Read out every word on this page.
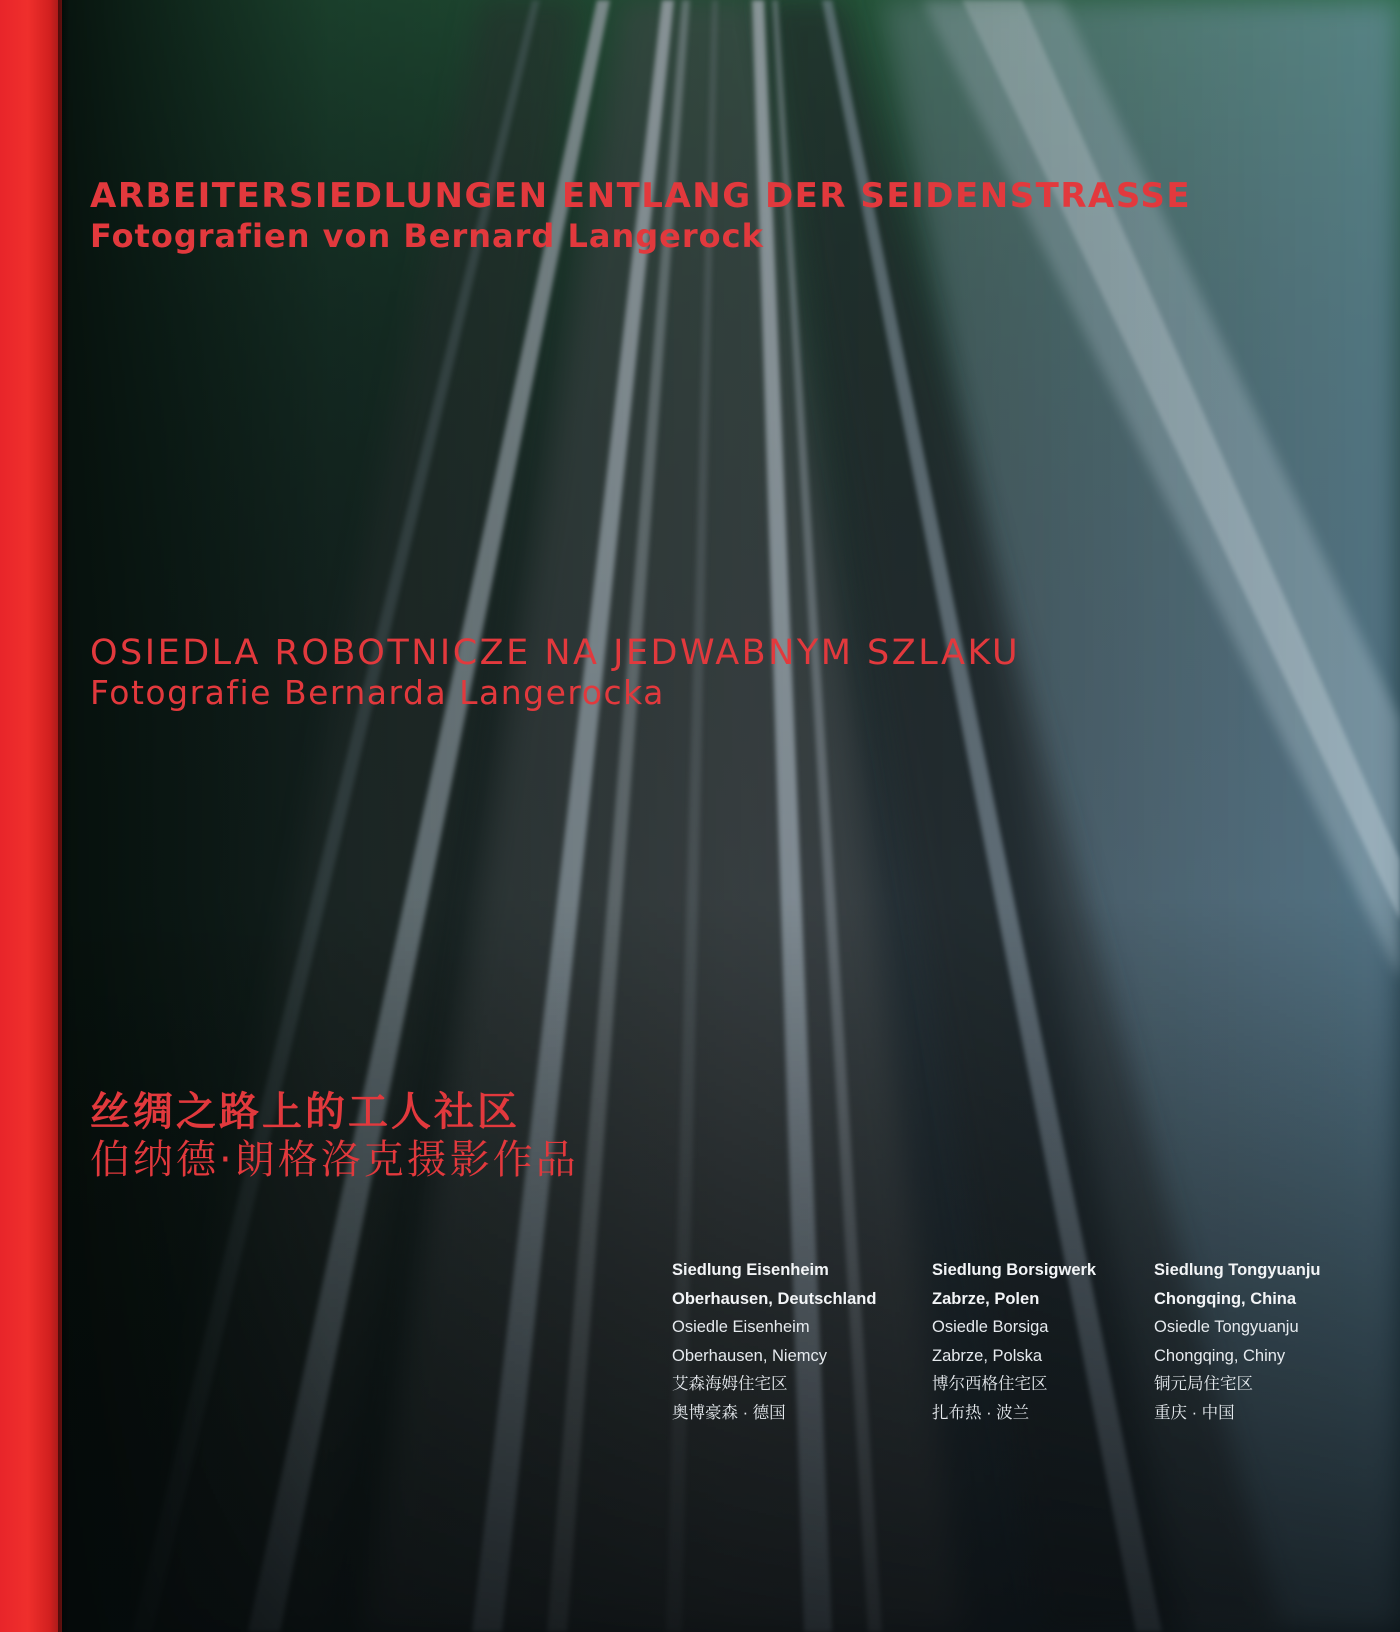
ARBEITERSIEDLUNGEN ENTLANG DER SEIDENSTRASSE
Fotografien von Bernard Langerock
OSIEDLA ROBOTNICZE NA JEDWABNYM SZLAKU
Fotografie Bernarda Langerocka
丝绸之路上的工人社区
伯纳德·朗格洛克摄影作品
Siedlung Eisenheim
Oberhausen, Deutschland
Osiedle Eisenheim
Oberhausen, Niemcy
艾森海姆住宅区
奥博豪森 · 德国
Siedlung Borsigwerk
Zabrze, Polen
Osiedle Borsiga
Zabrze, Polska
博尔西格住宅区
扎布热 · 波兰
Siedlung Tongyuanju
Chongqing, China
Osiedle Tongyuanju
Chongqing, Chiny
铜元局住宅区
重庆 · 中国
